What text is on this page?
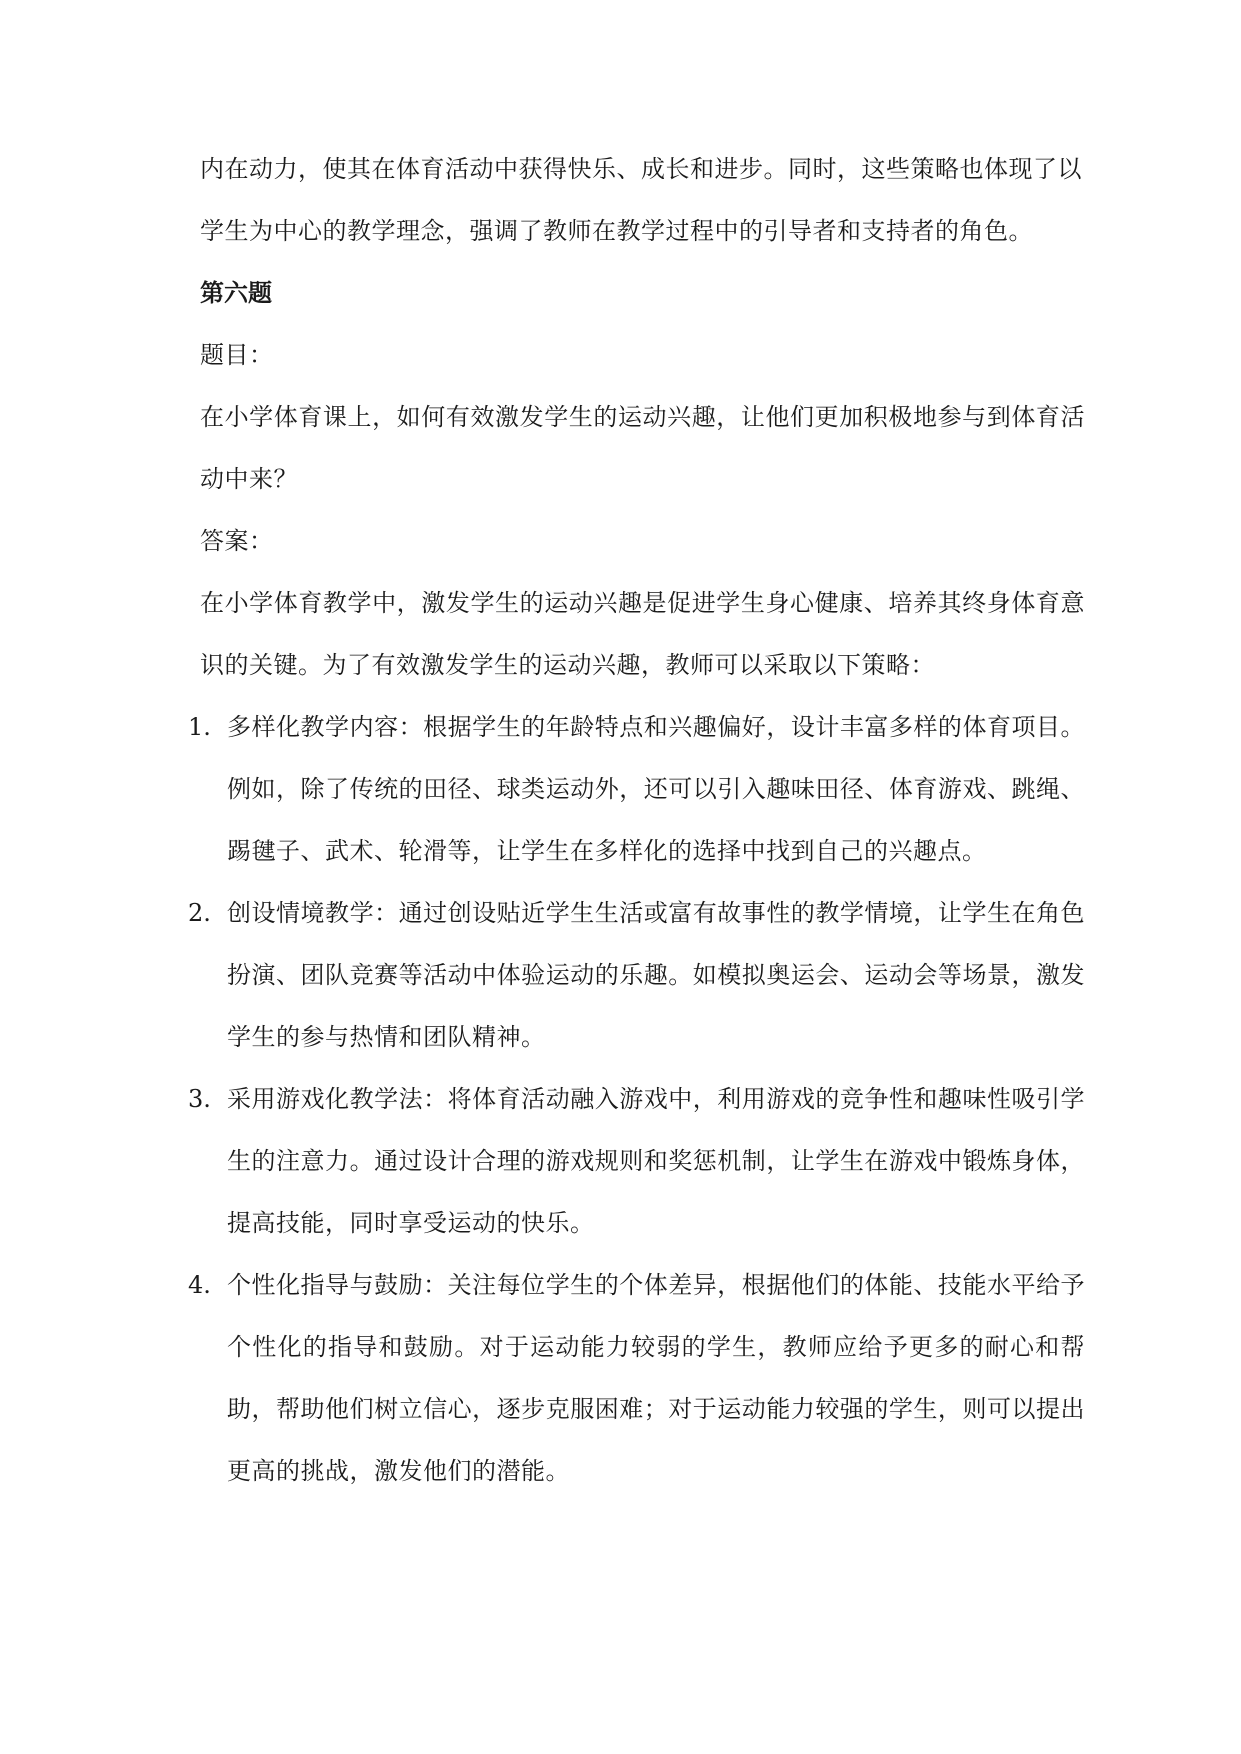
内在动力，使其在体育活动中获得快乐、成长和进步。同时，这些策略也体现了以

学生为中心的教学理念，强调了教师在教学过程中的引导者和支持者的角色。

第六题

题目：

在小学体育课上，如何有效激发学生的运动兴趣，让他们更加积极地参与到体育活动中来？

答案：

在小学体育教学中，激发学生的运动兴趣是促进学生身心健康、培养其终身体育意识的关键。为了有效激发学生的运动兴趣，教师可以采取以下策略：

1. 多样化教学内容：根据学生的年龄特点和兴趣偏好，设计丰富多样的体育项目。例如，除了传统的田径、球类运动外，还可以引入趣味田径、体育游戏、跳绳、踢毽子、武术、轮滑等，让学生在多样化的选择中找到自己的兴趣点。
2. 创设情境教学：通过创设贴近学生生活或富有故事性的教学情境，让学生在角色扮演、团队竞赛等活动中体验运动的乐趣。如模拟奥运会、运动会等场景，激发学生的参与热情和团队精神。
3. 采用游戏化教学法：将体育活动融入游戏中，利用游戏的竞争性和趣味性吸引学生的注意力。通过设计合理的游戏规则和奖惩机制，让学生在游戏中锻炼身体，提高技能，同时享受运动的快乐。
4. 个性化指导与鼓励：关注每位学生的个体差异，根据他们的体能、技能水平给予个性化的指导和鼓励。对于运动能力较弱的学生，教师应给予更多的耐心和帮助，帮助他们树立信心，逐步克服困难；对于运动能力较强的学生，则可以提出更高的挑战，激发他们的潜能。
